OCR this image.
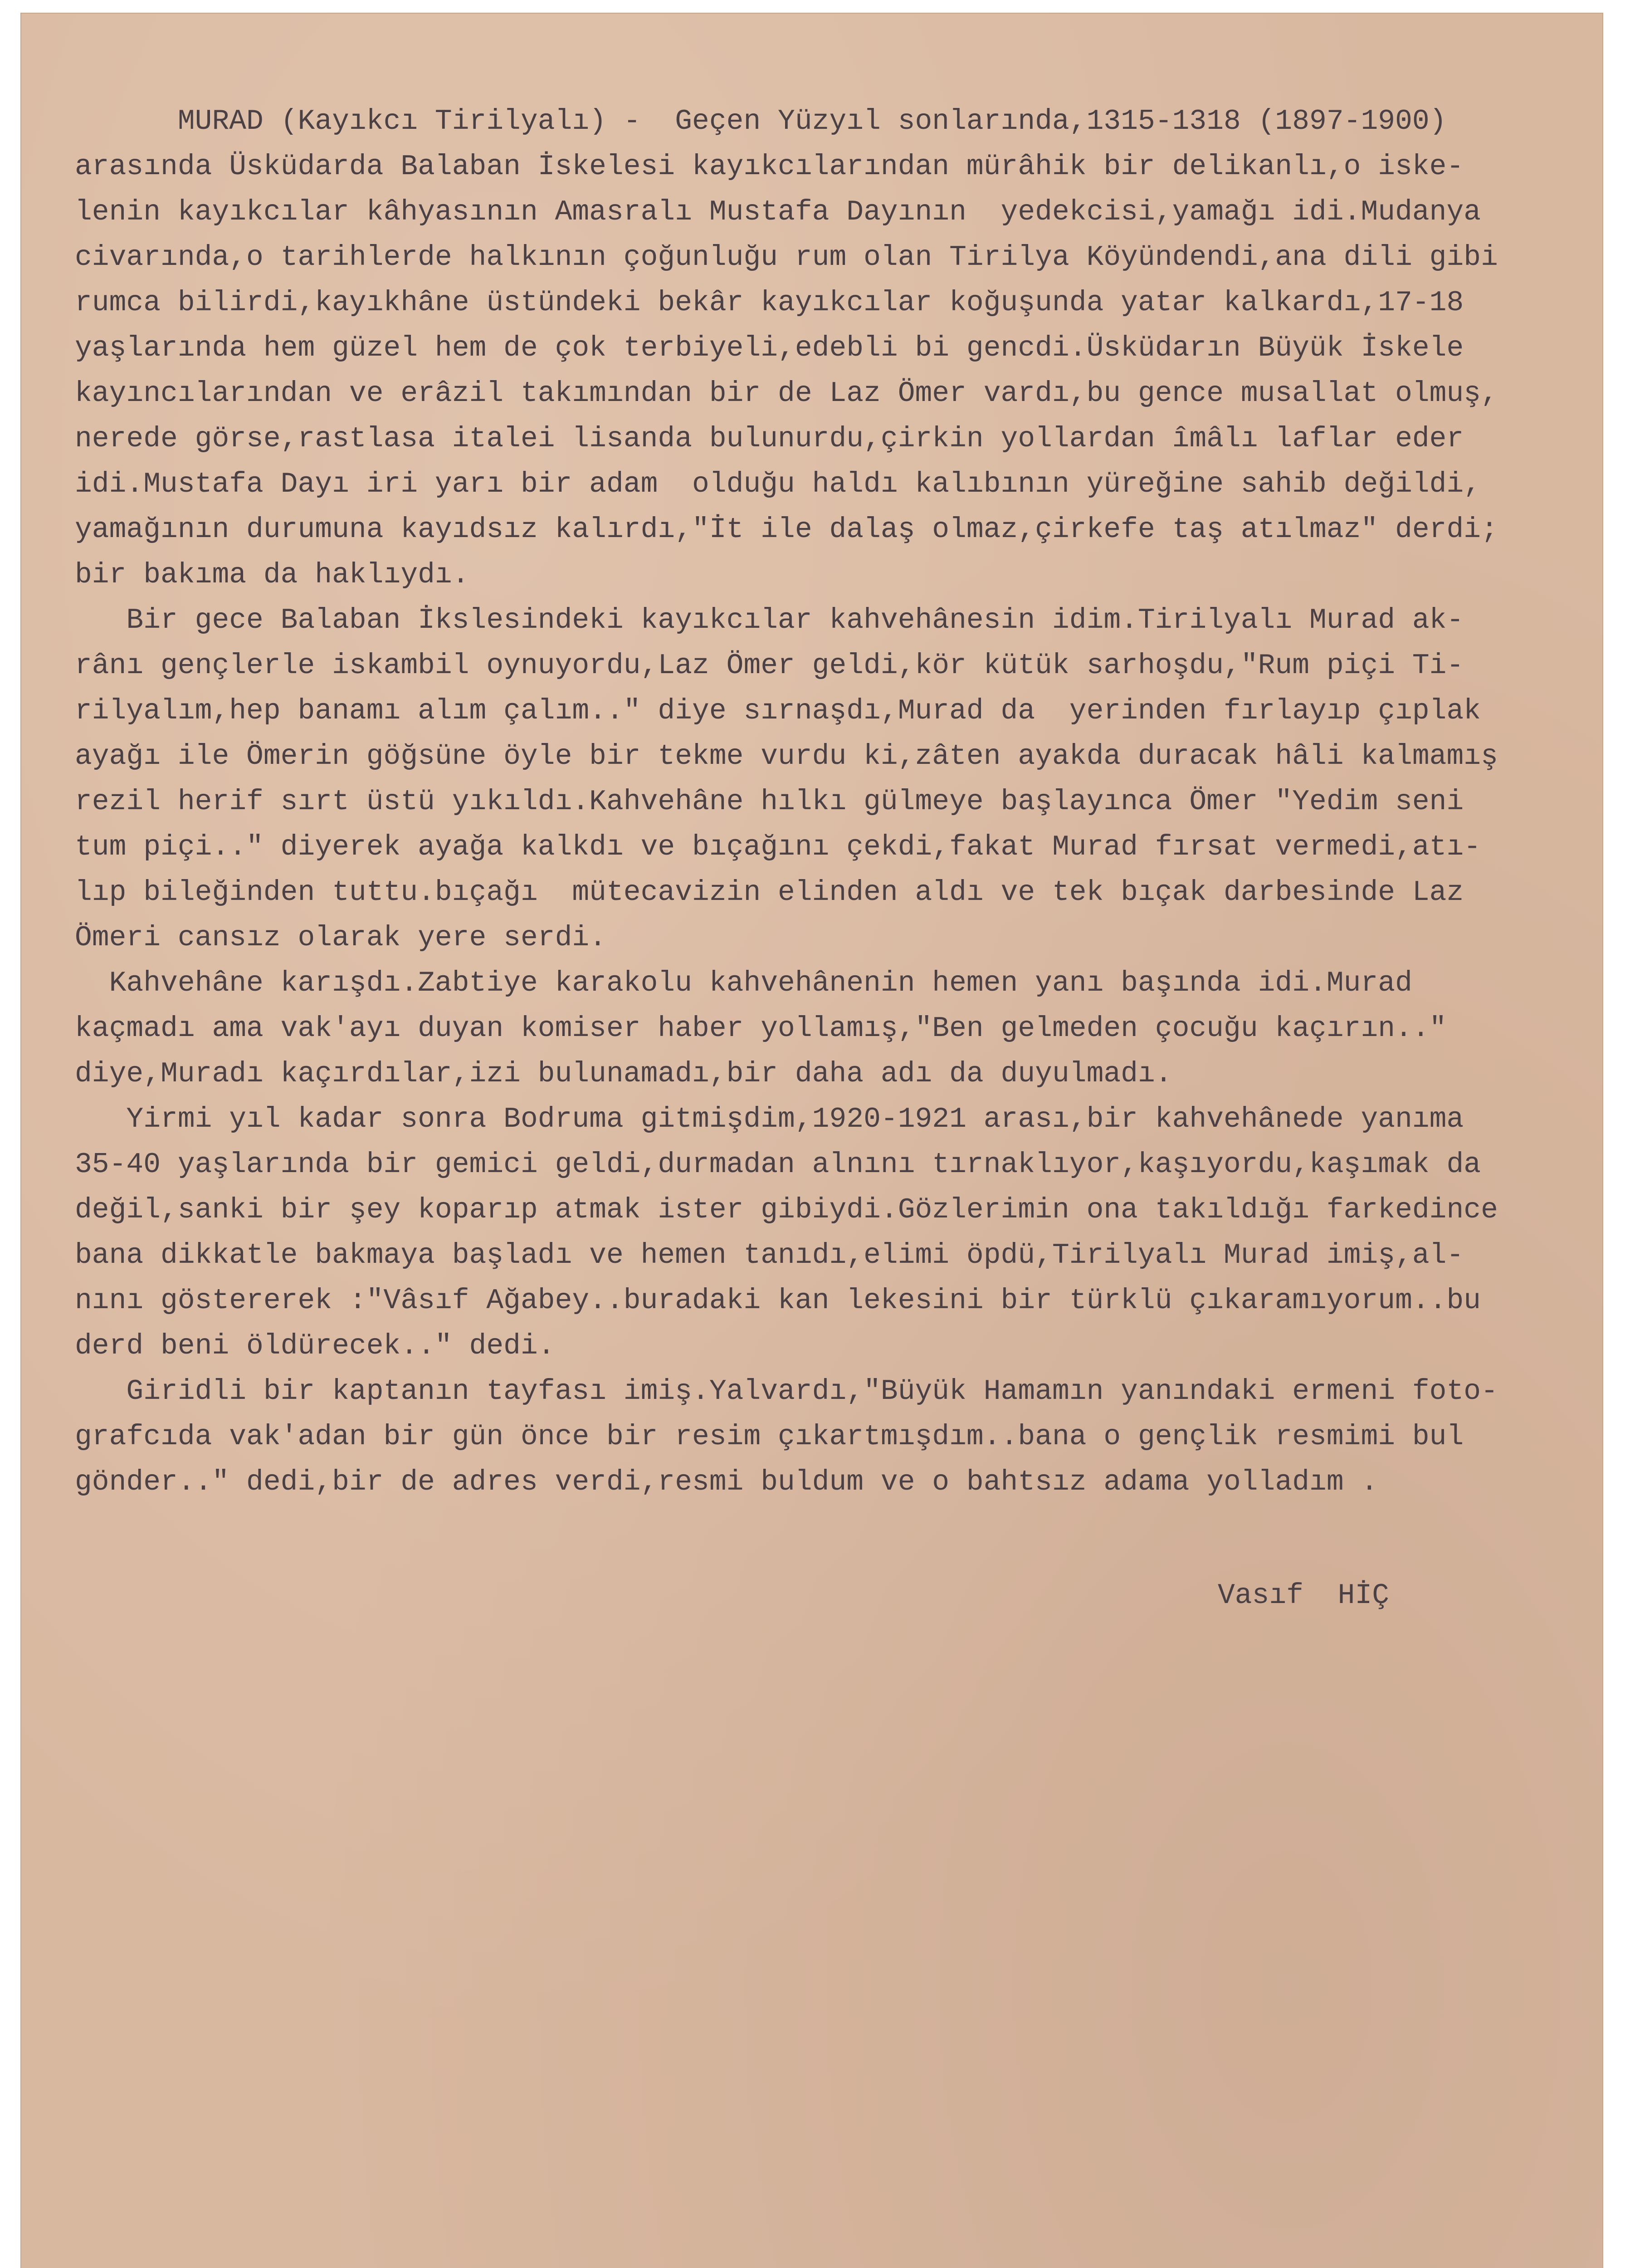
MURAD (Kayıkcı Tirilyalı) -  Geçen Yüzyıl sonlarında,1315-1318 (1897-1900)
arasında Üsküdarda Balaban İskelesi kayıkcılarından mürâhik bir delikanlı,o iske-
lenin kayıkcılar kâhyasının Amasralı Mustafa Dayının  yedekcisi,yamağı idi.Mudanya
civarında,o tarihlerde halkının çoğunluğu rum olan Tirilya Köyündendi,ana dili gibi
rumca bilirdi,kayıkhâne üstündeki bekâr kayıkcılar koğuşunda yatar kalkardı,17-18
yaşlarında hem güzel hem de çok terbiyeli,edebli bi gencdi.Üsküdarın Büyük İskele
kayıncılarından ve erâzil takımından bir de Laz Ömer vardı,bu gence musallat olmuş,
nerede görse,rastlasa italei lisanda bulunurdu,çirkin yollardan îmâlı laflar eder
idi.Mustafa Dayı iri yarı bir adam  olduğu haldı kalıbının yüreğine sahib değildi,
yamağının durumuna kayıdsız kalırdı,"İt ile dalaş olmaz,çirkefe taş atılmaz" derdi;
bir bakıma da haklıydı.
Bir gece Balaban İkslesindeki kayıkcılar kahvehânesin idim.Tirilyalı Murad ak-
rânı gençlerle iskambil oynuyordu,Laz Ömer geldi,kör kütük sarhoşdu,"Rum piçi Ti-
rilyalım,hep banamı alım çalım.." diye sırnaşdı,Murad da  yerinden fırlayıp çıplak
ayağı ile Ömerin göğsüne öyle bir tekme vurdu ki,zâten ayakda duracak hâli kalmamış
rezil herif sırt üstü yıkıldı.Kahvehâne hılkı gülmeye başlayınca Ömer "Yedim seni
tum piçi.." diyerek ayağa kalkdı ve bıçağını çekdi,fakat Murad fırsat vermedi,atı-
lıp bileğinden tuttu.bıçağı  mütecavizin elinden aldı ve tek bıçak darbesinde Laz
Ömeri cansız olarak yere serdi.
Kahvehâne karışdı.Zabtiye karakolu kahvehânenin hemen yanı başında idi.Murad
kaçmadı ama vak'ayı duyan komiser haber yollamış,"Ben gelmeden çocuğu kaçırın.."
diye,Muradı kaçırdılar,izi bulunamadı,bir daha adı da duyulmadı.
Yirmi yıl kadar sonra Bodruma gitmişdim,1920-1921 arası,bir kahvehânede yanıma
35-40 yaşlarında bir gemici geldi,durmadan alnını tırnaklıyor,kaşıyordu,kaşımak da
değil,sanki bir şey koparıp atmak ister gibiydi.Gözlerimin ona takıldığı farkedince
bana dikkatle bakmaya başladı ve hemen tanıdı,elimi öpdü,Tirilyalı Murad imiş,al-
nını göstererek :"Vâsıf Ağabey..buradaki kan lekesini bir türklü çıkaramıyorum..bu
derd beni öldürecek.." dedi.
Giridli bir kaptanın tayfası imiş.Yalvardı,"Büyük Hamamın yanındaki ermeni foto-
grafcıda vak'adan bir gün önce bir resim çıkartmışdım..bana o gençlik resmimi bul
gönder.." dedi,bir de adres verdi,resmi buldum ve o bahtsız adama yolladım .
Vasıf  HİÇ
